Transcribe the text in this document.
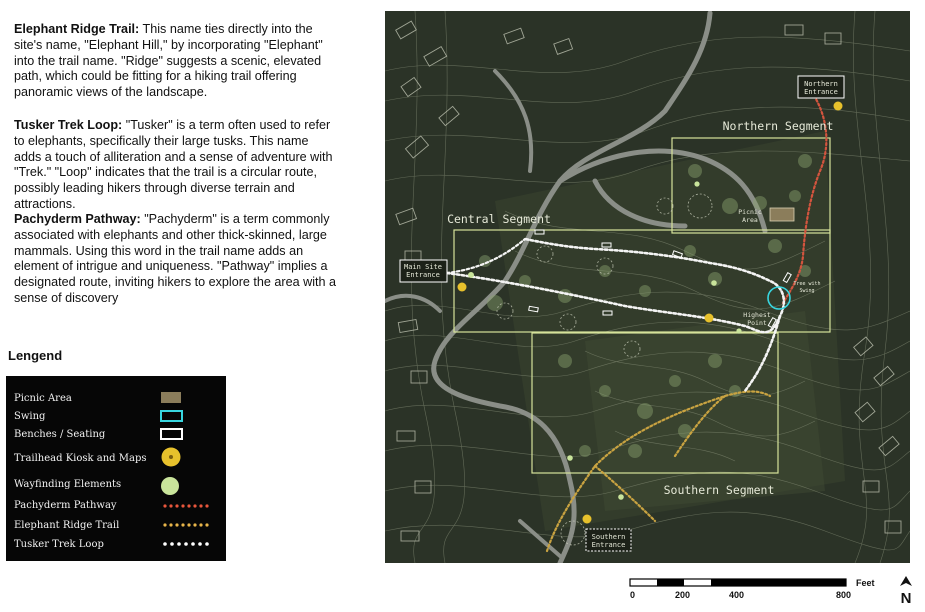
Elephant Ridge Trail: This name ties directly into the site's name, "Elephant Hill," by incorporating "Elephant" into the trail name. "Ridge" suggests a scenic, elevated path, which could be fitting for a hiking trail offering panoramic views of the landscape.

Tusker Trek Loop: "Tusker" is a term often used to refer to elephants, specifically their large tusks. This name adds a touch of alliteration and a sense of adventure with "Trek." "Loop" indicates that the trail is a circular route, possibly leading hikers through diverse terrain and attractions.

Pachyderm Pathway: "Pachyderm" is a term commonly associated with elephants and other thick-skinned, large mammals. Using this word in the trail name adds an element of intrigue and uniqueness. "Pathway" implies a designated route, inviting hikers to explore the area with a sense of discovery

Lengend
Picnic Area
Swing
Benches / Seating
Trailhead Kiosk and Maps
Wayfinding Elements
Pachyderm Pathway
Elephant Ridge Trail
Tusker Trek Loop
Northern
Entrance
Main Site
Entrance
Southern
Entrance
Picnic
Area
Highest
Point
Tree with
Swing
Northern Segment
Central Segment
Southern Segment
0	200	400	800
Feet
N
